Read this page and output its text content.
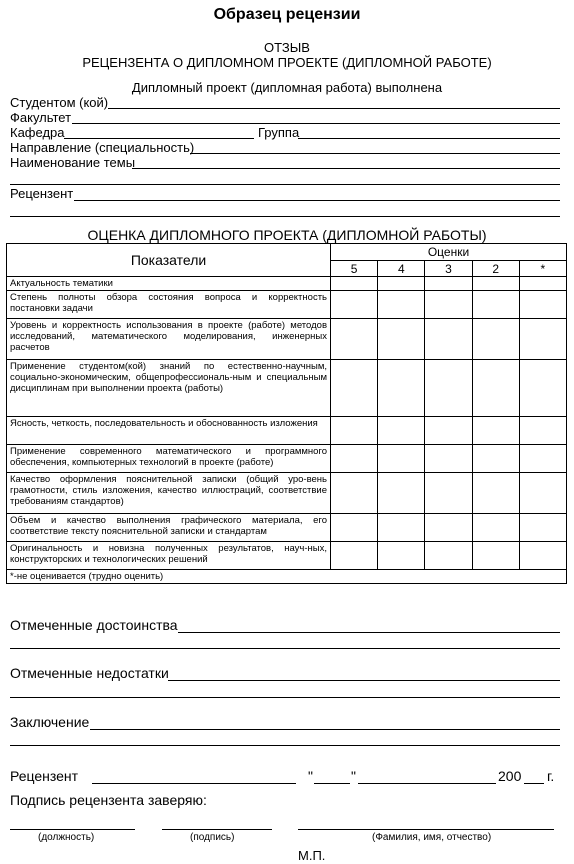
Образец рецензии
ОТЗЫВ
РЕЦЕНЗЕНТА О ДИПЛОМНОМ ПРОЕКТЕ (ДИПЛОМНОЙ РАБОТЕ)
Дипломный проект (дипломная работа) выполнена
Студентом (кой)
Факультет
Кафедра	Группа
Направление (специальность)
Наименование темы
Рецензент
ОЦЕНКА ДИПЛОМНОГО ПРОЕКТА (ДИПЛОМНОЙ РАБОТЫ)
Показатели	Оценки				
	5	4	3	2	*
Актуальность тематики					
Степень полноты обзора состояния вопроса и корректность постановки задачи					
Уровень и корректность использования в проекте (работе) методов исследований, математического моделирования, инженерных расчетов					
Применение студентом(кой) знаний по естественно-научным, социально-экономическим, общепрофессиональ-ным и специальным дисциплинам при выполнении проекта (работы)					
Ясность, четкость, последовательность и обоснованность изложения					
Применение современного математического и программного обеспечения, компьютерных технологий в проекте (работе)					
Качество оформления пояснительной записки (общий уро-вень грамотности, стиль изложения, качество иллюстраций, соответствие требованиям стандартов)					
Объем и качество выполнения графического материала, его соответствие тексту пояснительной записки и стандартам					
Оригинальность и новизна полученных результатов, науч-ных, конструкторских и технологических решений					
*-не оценивается (трудно оценить)					
Отмеченные достоинства
Отмеченные недостатки
Заключение
Рецензент	"	"	200 г.
Подпись рецензента заверяю:
(должность)	(подпись)	(Фамилия, имя, отчество)
М.П.
